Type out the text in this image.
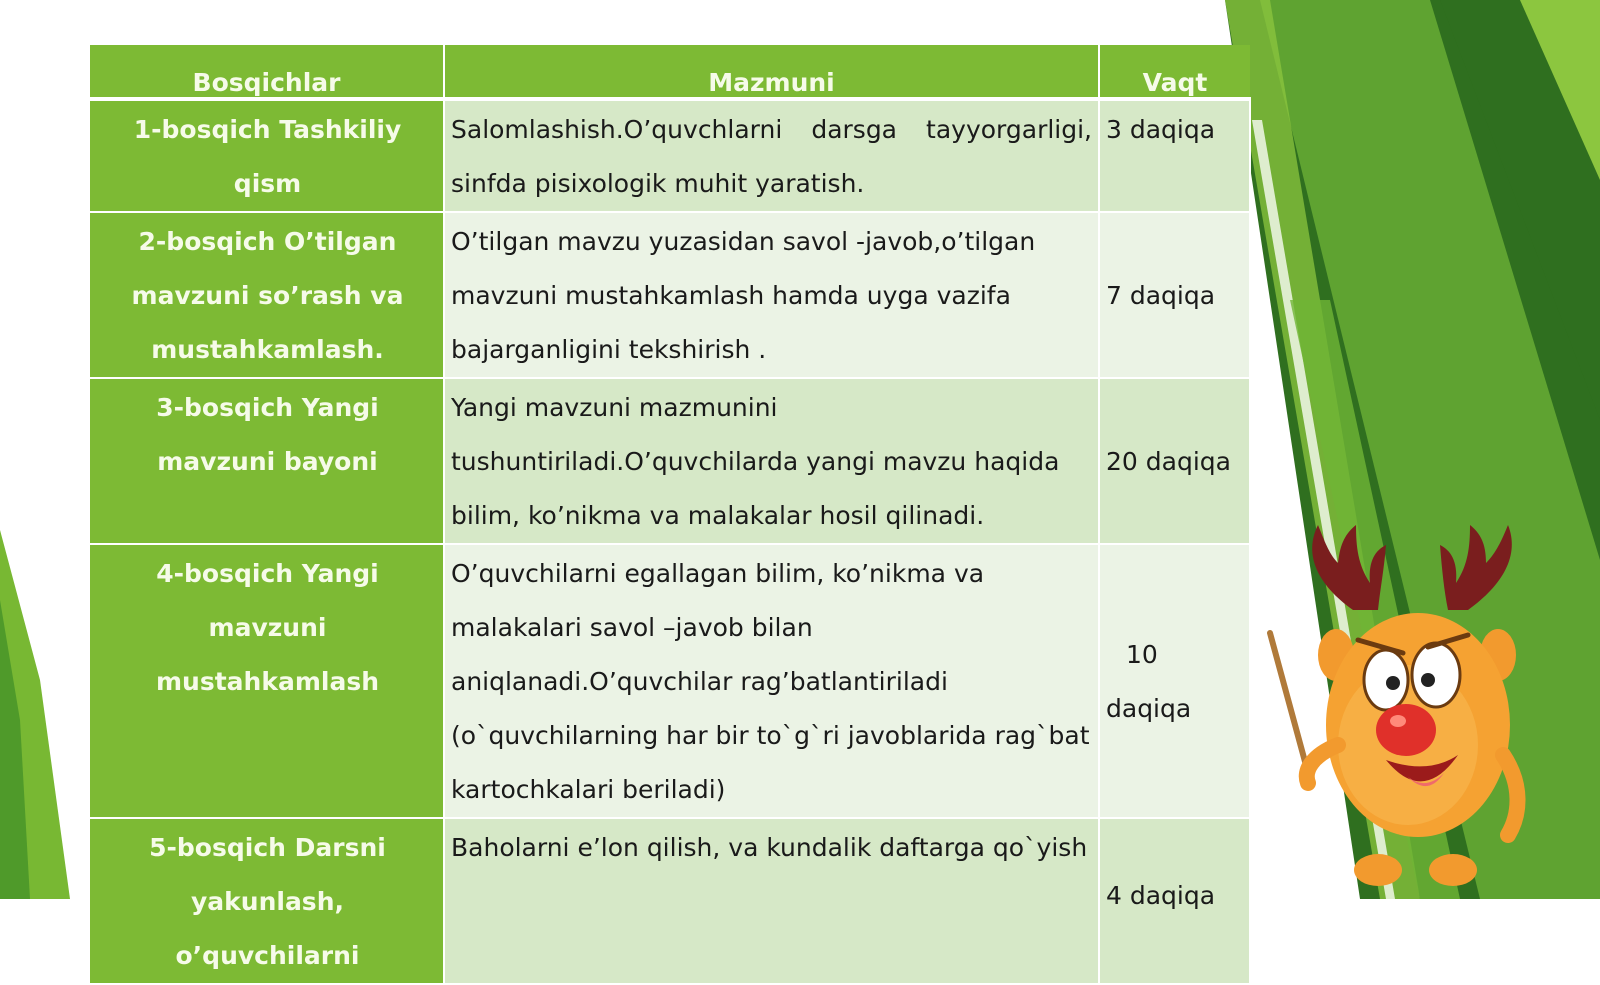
Bosqichlar	Mazmuni	Vaqt
1-bosqich Tashkiliy qism	Salomlashish.O’quvchlarni darsga tayyorgarligi, sinfda pisixologik muhit yaratish.	3 daqiqa
2-bosqich O’tilgan mavzuni so’rash va mustahkamlash.	O’tilgan mavzu yuzasidan savol -javob,o’tilgan mavzuni mustahkamlash hamda uyga vazifa bajarganligini tekshirish .	7 daqiqa
3-bosqich Yangi mavzuni bayoni	Yangi mavzuni mazmunini tushuntiriladi.O’quvchilarda yangi mavzu haqida bilim, ko’nikma va malakalar hosil qilinadi.	20 daqiqa
4-bosqich Yangi mavzuni mustahkamlash	O’quvchilarni egallagan bilim, ko’nikma va malakalari savol –javob bilan aniqlanadi.O’quvchilar rag’batlantiriladi (o`quvchilarning har bir to`g`ri javoblarida rag`bat kartochkalari beriladi)	10
daqiqa

5-bosqich Darsni yakunlash, o’quvchilarni	Baholarni e’lon qilish, va kundalik daftarga qo`yish	4 daqiqa
